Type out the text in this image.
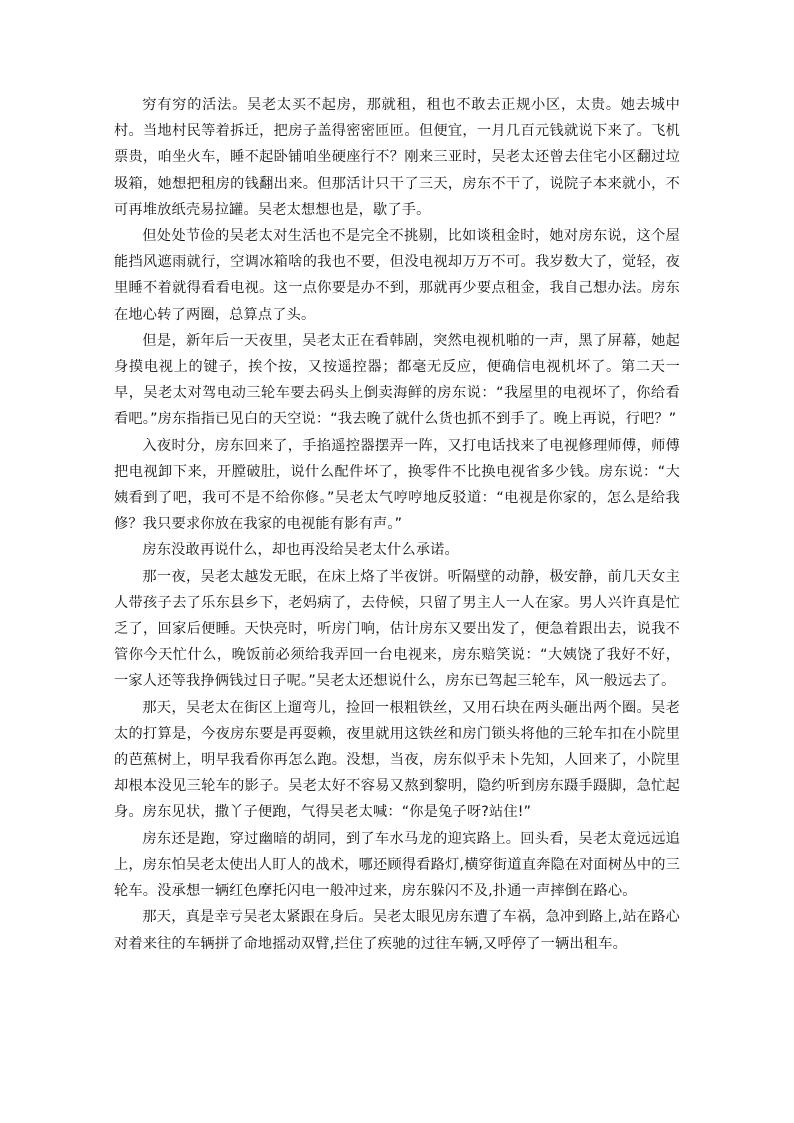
穷有穷的活法。吴老太买不起房，那就租，租也不敢去正规小区，太贵。她去城中村。当地村民等着拆迁，把房子盖得密密匝匝。但便宜，一月几百元钱就说下来了。飞机票贵，咱坐火车，睡不起卧铺咱坐硬座行不？刚来三亚时，吴老太还曾去住宅小区翻过垃圾箱，她想把租房的钱翻出来。但那活计只干了三天，房东不干了，说院子本来就小，不可再堆放纸壳易拉罐。吴老太想想也是，歇了手。

但处处节俭的吴老太对生活也不是完全不挑剔，比如谈租金时，她对房东说，这个屋能挡风遮雨就行，空调冰箱啥的我也不要，但没电视却万万不可。我岁数大了，觉轻，夜里睡不着就得看看电视。这一点你要是办不到，那就再少要点租金，我自己想办法。房东在地心转了两圈，总算点了头。

但是，新年后一天夜里，吴老太正在看韩剧，突然电视机啪的一声，黑了屏幕，她起身摸电视上的键子，挨个按，又按遥控器；都毫无反应，便确信电视机坏了。第二天一早，吴老太对驾电动三轮车要去码头上倒卖海鲜的房东说：“我屋里的电视坏了，你给看看吧。”房东指指已见白的天空说：“我去晚了就什么货也抓不到手了。晚上再说，行吧？”

入夜时分，房东回来了，手掐遥控器摆弄一阵，又打电话找来了电视修理师傅，师傅把电视卸下来，开膛破肚，说什么配件坏了，换零件不比换电视省多少钱。房东说：“大姨看到了吧，我可不是不给你修。”吴老太气哼哼地反驳道：“电视是你家的，怎么是给我修？我只要求你放在我家的电视能有影有声。”

房东没敢再说什么，却也再没给吴老太什么承诺。

那一夜，吴老太越发无眠，在床上烙了半夜饼。听隔壁的动静，极安静，前几天女主人带孩子去了乐东县乡下，老妈病了，去侍候，只留了男主人一人在家。男人兴许真是忙乏了，回家后便睡。天快亮时，听房门响，估计房东又要出发了，便急着跟出去，说我不管你今天忙什么，晚饭前必须给我弄回一台电视来，房东赔笑说：“大姨饶了我好不好，一家人还等我挣俩钱过日子呢。”吴老太还想说什么，房东已驾起三轮车，风一般远去了。

那天，吴老太在街区上遛弯儿，捡回一根粗铁丝，又用石块在两头砸出两个圈。吴老太的打算是，今夜房东要是再耍赖，夜里就用这铁丝和房门锁头将他的三轮车扣在小院里的芭蕉树上，明早我看你再怎么跑。没想，当夜，房东似乎未卜先知，人回来了，小院里却根本没见三轮车的影子。吴老太好不容易又熬到黎明，隐约听到房东蹑手蹑脚，急忙起身。房东见状，撒丫子便跑，气得吴老太喊：“你是兔子呀?站住!”

房东还是跑，穿过幽暗的胡同，到了车水马龙的迎宾路上。回头看，吴老太竟远远追上，房东怕吴老太使出人盯人的战术，哪还顾得看路灯,横穿街道直奔隐在对面树丛中的三轮车。没承想一辆红色摩托闪电一般冲过来，房东躲闪不及,扑通一声摔倒在路心。

那天，真是幸亏吴老太紧跟在身后。吴老太眼见房东遭了车祸，急冲到路上,站在路心对着来往的车辆拼了命地摇动双臂,拦住了疾驰的过往车辆,又呼停了一辆出租车。
